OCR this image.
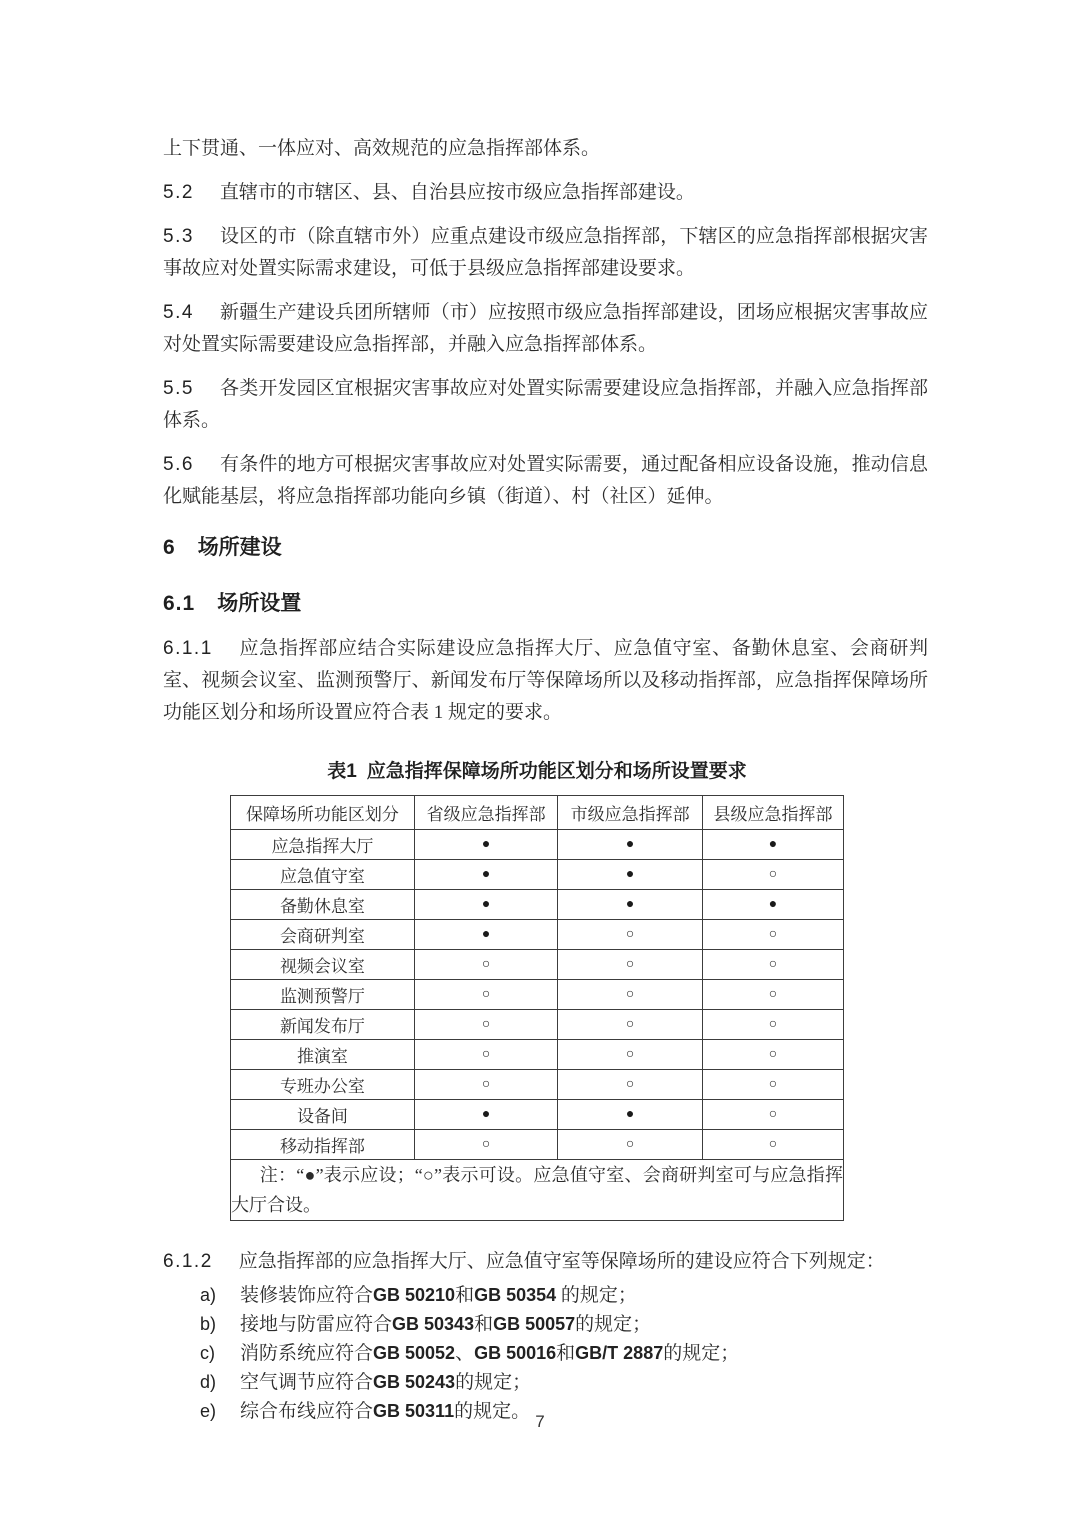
上下贯通、一体应对、高效规范的应急指挥部体系。

5.2 直辖市的市辖区、县、自治县应按市级应急指挥部建设。

5.3 设区的市（除直辖市外）应重点建设市级应急指挥部，下辖区的应急指挥部根据灾害事故应对处置实际需求建设，可低于县级应急指挥部建设要求。

5.4 新疆生产建设兵团所辖师（市）应按照市级应急指挥部建设，团场应根据灾害事故应对处置实际需要建设应急指挥部，并融入应急指挥部体系。

5.5 各类开发园区宜根据灾害事故应对处置实际需要建设应急指挥部，并融入应急指挥部体系。

5.6 有条件的地方可根据灾害事故应对处置实际需要，通过配备相应设备设施，推动信息化赋能基层，将应急指挥部功能向乡镇（街道）、村（社区）延伸。

6 场所建设
6.1 场所设置

6.1.1 应急指挥部应结合实际建设应急指挥大厅、应急值守室、备勤休息室、会商研判室、视频会议室、监测预警厅、新闻发布厅等保障场所以及移动指挥部，应急指挥保障场所功能区划分和场所设置应符合表 1 规定的要求。

表1 应急指挥保障场所功能区划分和场所设置要求
保障场所功能区划分	省级应急指挥部	市级应急指挥部	县级应急指挥部
应急指挥大厅	●	●	●
应急值守室	●	●	○
备勤休息室	●	●	●
会商研判室	●	○	○
视频会议室	○	○	○
监测预警厅	○	○	○
新闻发布厅	○	○	○
推演室	○	○	○
专班办公室	○	○	○
设备间	●	●	○
移动指挥部	○	○	○

注：“●”表示应设；“○”表示可设。应急值守室、会商研判室可与应急指挥大厅合设。			

6.1.2 应急指挥部的应急指挥大厅、应急值守室等保障场所的建设应符合下列规定：

a)	装修装饰应符合GB 50210和GB 50354 的规定；
b)	接地与防雷应符合GB 50343和GB 50057的规定；
c)	消防系统应符合GB 50052、GB 50016和GB/T 2887的规定；
d)	空气调节应符合GB 50243的规定；
e)	综合布线应符合GB 50311的规定。 7
